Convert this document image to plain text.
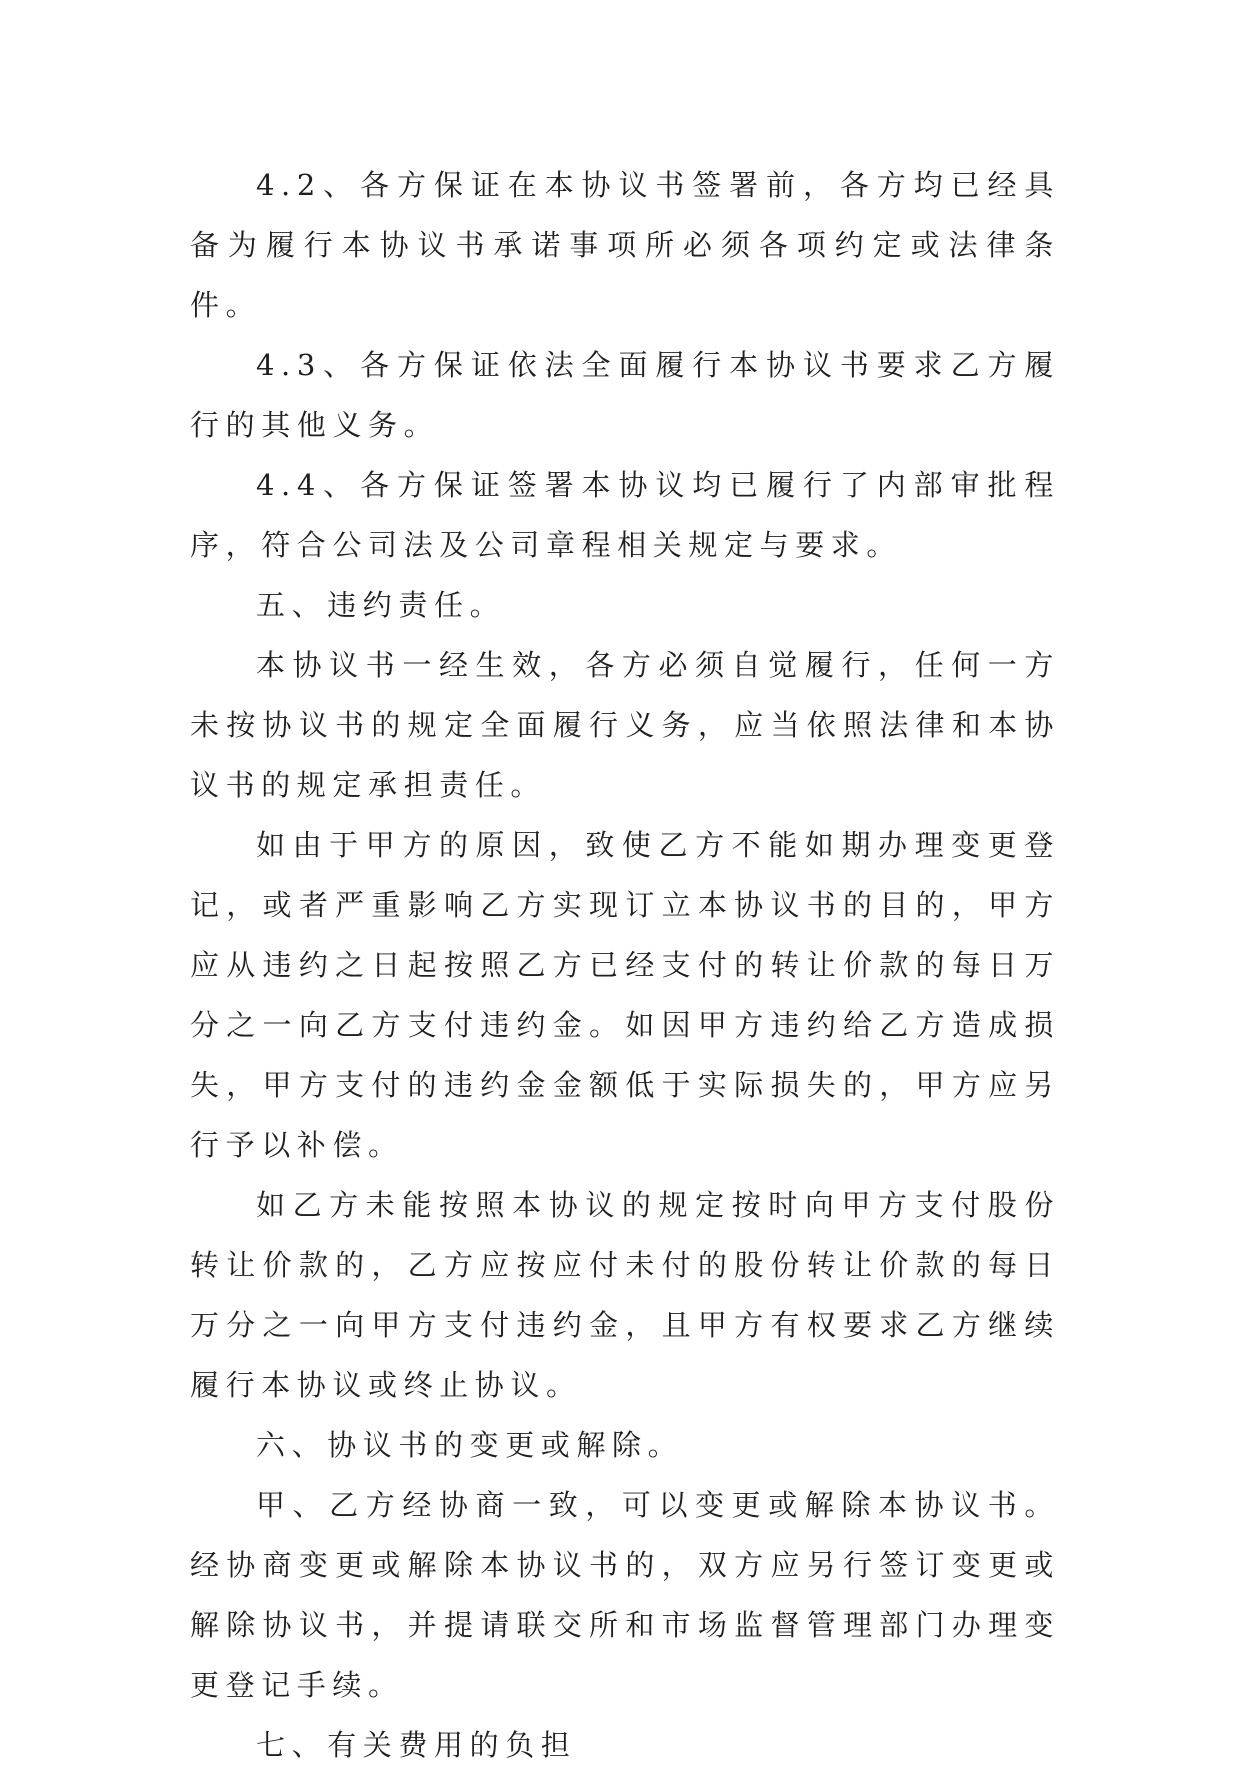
4.2、各方保证在本协议书签署前，各方均已经具备为履行本协议书承诺事项所必须各项约定或法律条件。

4.3、各方保证依法全面履行本协议书要求乙方履行的其他义务。

4.4、各方保证签署本协议均已履行了内部审批程序，符合公司法及公司章程相关规定与要求。

五、违约责任。

本协议书一经生效，各方必须自觉履行，任何一方未按协议书的规定全面履行义务，应当依照法律和本协议书的规定承担责任。

如由于甲方的原因，致使乙方不能如期办理变更登记，或者严重影响乙方实现订立本协议书的目的，甲方应从违约之日起按照乙方已经支付的转让价款的每日万分之一向乙方支付违约金。如因甲方违约给乙方造成损失，甲方支付的违约金金额低于实际损失的，甲方应另行予以补偿。

如乙方未能按照本协议的规定按时向甲方支付股份转让价款的，乙方应按应付未付的股份转让价款的每日万分之一向甲方支付违约金，且甲方有权要求乙方继续履行本协议或终止协议。

六、协议书的变更或解除。

甲、乙方经协商一致，可以变更或解除本协议书。经协商变更或解除本协议书的，双方应另行签订变更或解除协议书，并提请联交所和市场监督管理部门办理变更登记手续。

七、有关费用的负担
